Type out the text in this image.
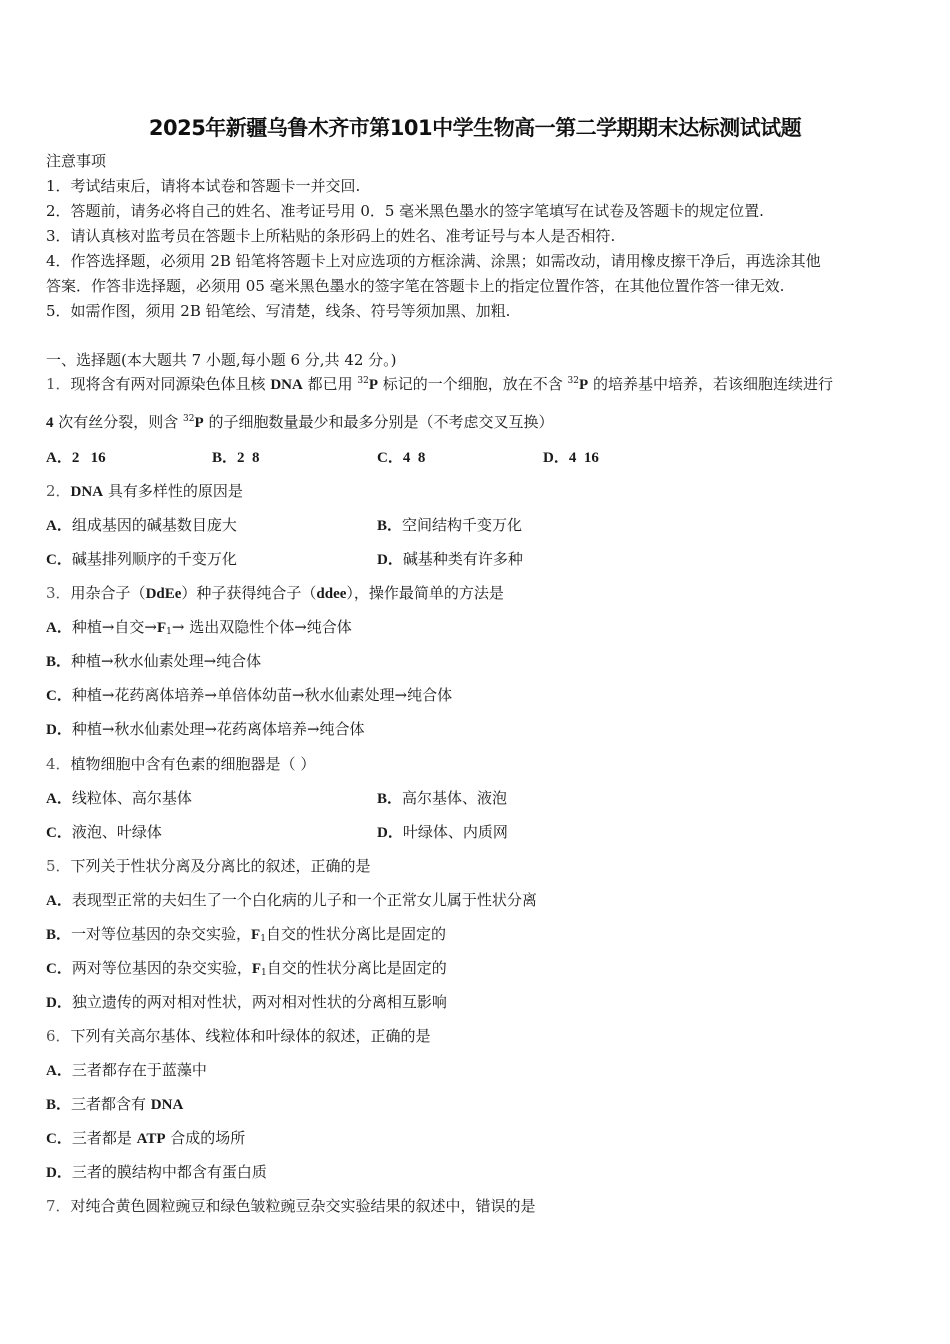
2025年新疆乌鲁木齐市第101中学生物高一第二学期期末达标测试试题
注意事项
1．考试结束后，请将本试卷和答题卡一并交回.
2．答题前，请务必将自己的姓名、准考证号用 0．5 毫米黑色墨水的签字笔填写在试卷及答题卡的规定位置.
3．请认真核对监考员在答题卡上所粘贴的条形码上的姓名、准考证号与本人是否相符.
4．作答选择题，必须用 2B 铅笔将答题卡上对应选项的方框涂满、涂黑；如需改动，请用橡皮擦干净后，再选涂其他
答案．作答非选择题，必须用 05 毫米黑色墨水的签字笔在答题卡上的指定位置作答，在其他位置作答一律无效.
5．如需作图，须用 2B 铅笔绘、写清楚，线条、符号等须加黑、加粗.
一、选择题(本大题共 7 小题,每小题 6 分,共 42 分。)
1．现将含有两对同源染色体且核 DNA 都已用 $^{32}$P 标记的一个细胞，放在不含 $^{32}$P 的培养基中培养，若该细胞连续进行
4 次有丝分裂，则含 $^{32}$P 的子细胞数量最少和最多分别是（不考虑交叉互换）
A．2   16	B．2  8	C．4  8	D．4  16
2．DNA 具有多样性的原因是
A．组成基因的碱基数目庞大	B．空间结构千变万化
C．碱基排列顺序的千变万化	D．碱基种类有许多种
3．用杂合子（DdEe）种子获得纯合子（ddee），操作最简单的方法是
A．种植→自交$\to F_1\to$ 选出双隐性个体→纯合体
B．种植→秋水仙素处理→纯合体
C．种植→花药离体培养→单倍体幼苗→秋水仙素处理→纯合体
D．种植→秋水仙素处理→花药离体培养→纯合体
4．植物细胞中含有色素的细胞器是（ ）
A．线粒体、高尔基体	B．高尔基体、液泡
C．液泡、叶绿体	D．叶绿体、内质网
5．下列关于性状分离及分离比的叙述，正确的是
A．表现型正常的夫妇生了一个白化病的儿子和一个正常女儿属于性状分离
B．一对等位基因的杂交实验，$F_1$自交的性状分离比是固定的
C．两对等位基因的杂交实验，$F_1$自交的性状分离比是固定的
D．独立遗传的两对相对性状，两对相对性状的分离相互影响
6．下列有关高尔基体、线粒体和叶绿体的叙述，正确的是
A．三者都存在于蓝藻中
B．三者都含有 DNA
C．三者都是 ATP 合成的场所
D．三者的膜结构中都含有蛋白质
7．对纯合黄色圆粒豌豆和绿色皱粒豌豆杂交实验结果的叙述中，错误的是
